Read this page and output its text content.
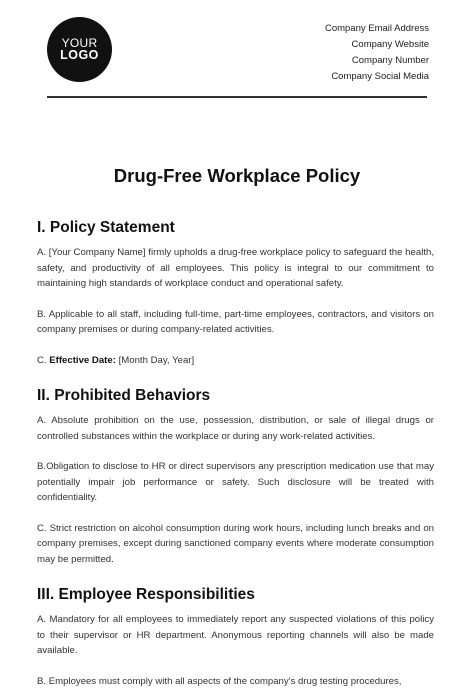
YOUR
LOGO
Company Email Address
Company Website
Company Number
Company Social Media
Drug-Free Workplace Policy
I. Policy Statement

A. [Your Company Name] firmly upholds a drug-free workplace policy to safeguard the health, safety, and productivity of all employees. This policy is integral to our commitment to maintaining high standards of workplace conduct and operational safety.

B. Applicable to all staff, including full-time, part-time employees, contractors, and visitors on company premises or during company-related activities.

C. Effective Date: [Month Day, Year]

II. Prohibited Behaviors

A. Absolute prohibition on the use, possession, distribution, or sale of illegal drugs or controlled substances within the workplace or during any work-related activities.

B.Obligation to disclose to HR or direct supervisors any prescription medication use that may potentially impair job performance or safety. Such disclosure will be treated with confidentiality.

C. Strict restriction on alcohol consumption during work hours, including lunch breaks and on company premises, except during sanctioned company events where moderate consumption may be permitted.

III. Employee Responsibilities

A. Mandatory for all employees to immediately report any suspected violations of this policy to their supervisor or HR department. Anonymous reporting channels will also be made available.

B. Employees must comply with all aspects of the company's drug testing procedures,
